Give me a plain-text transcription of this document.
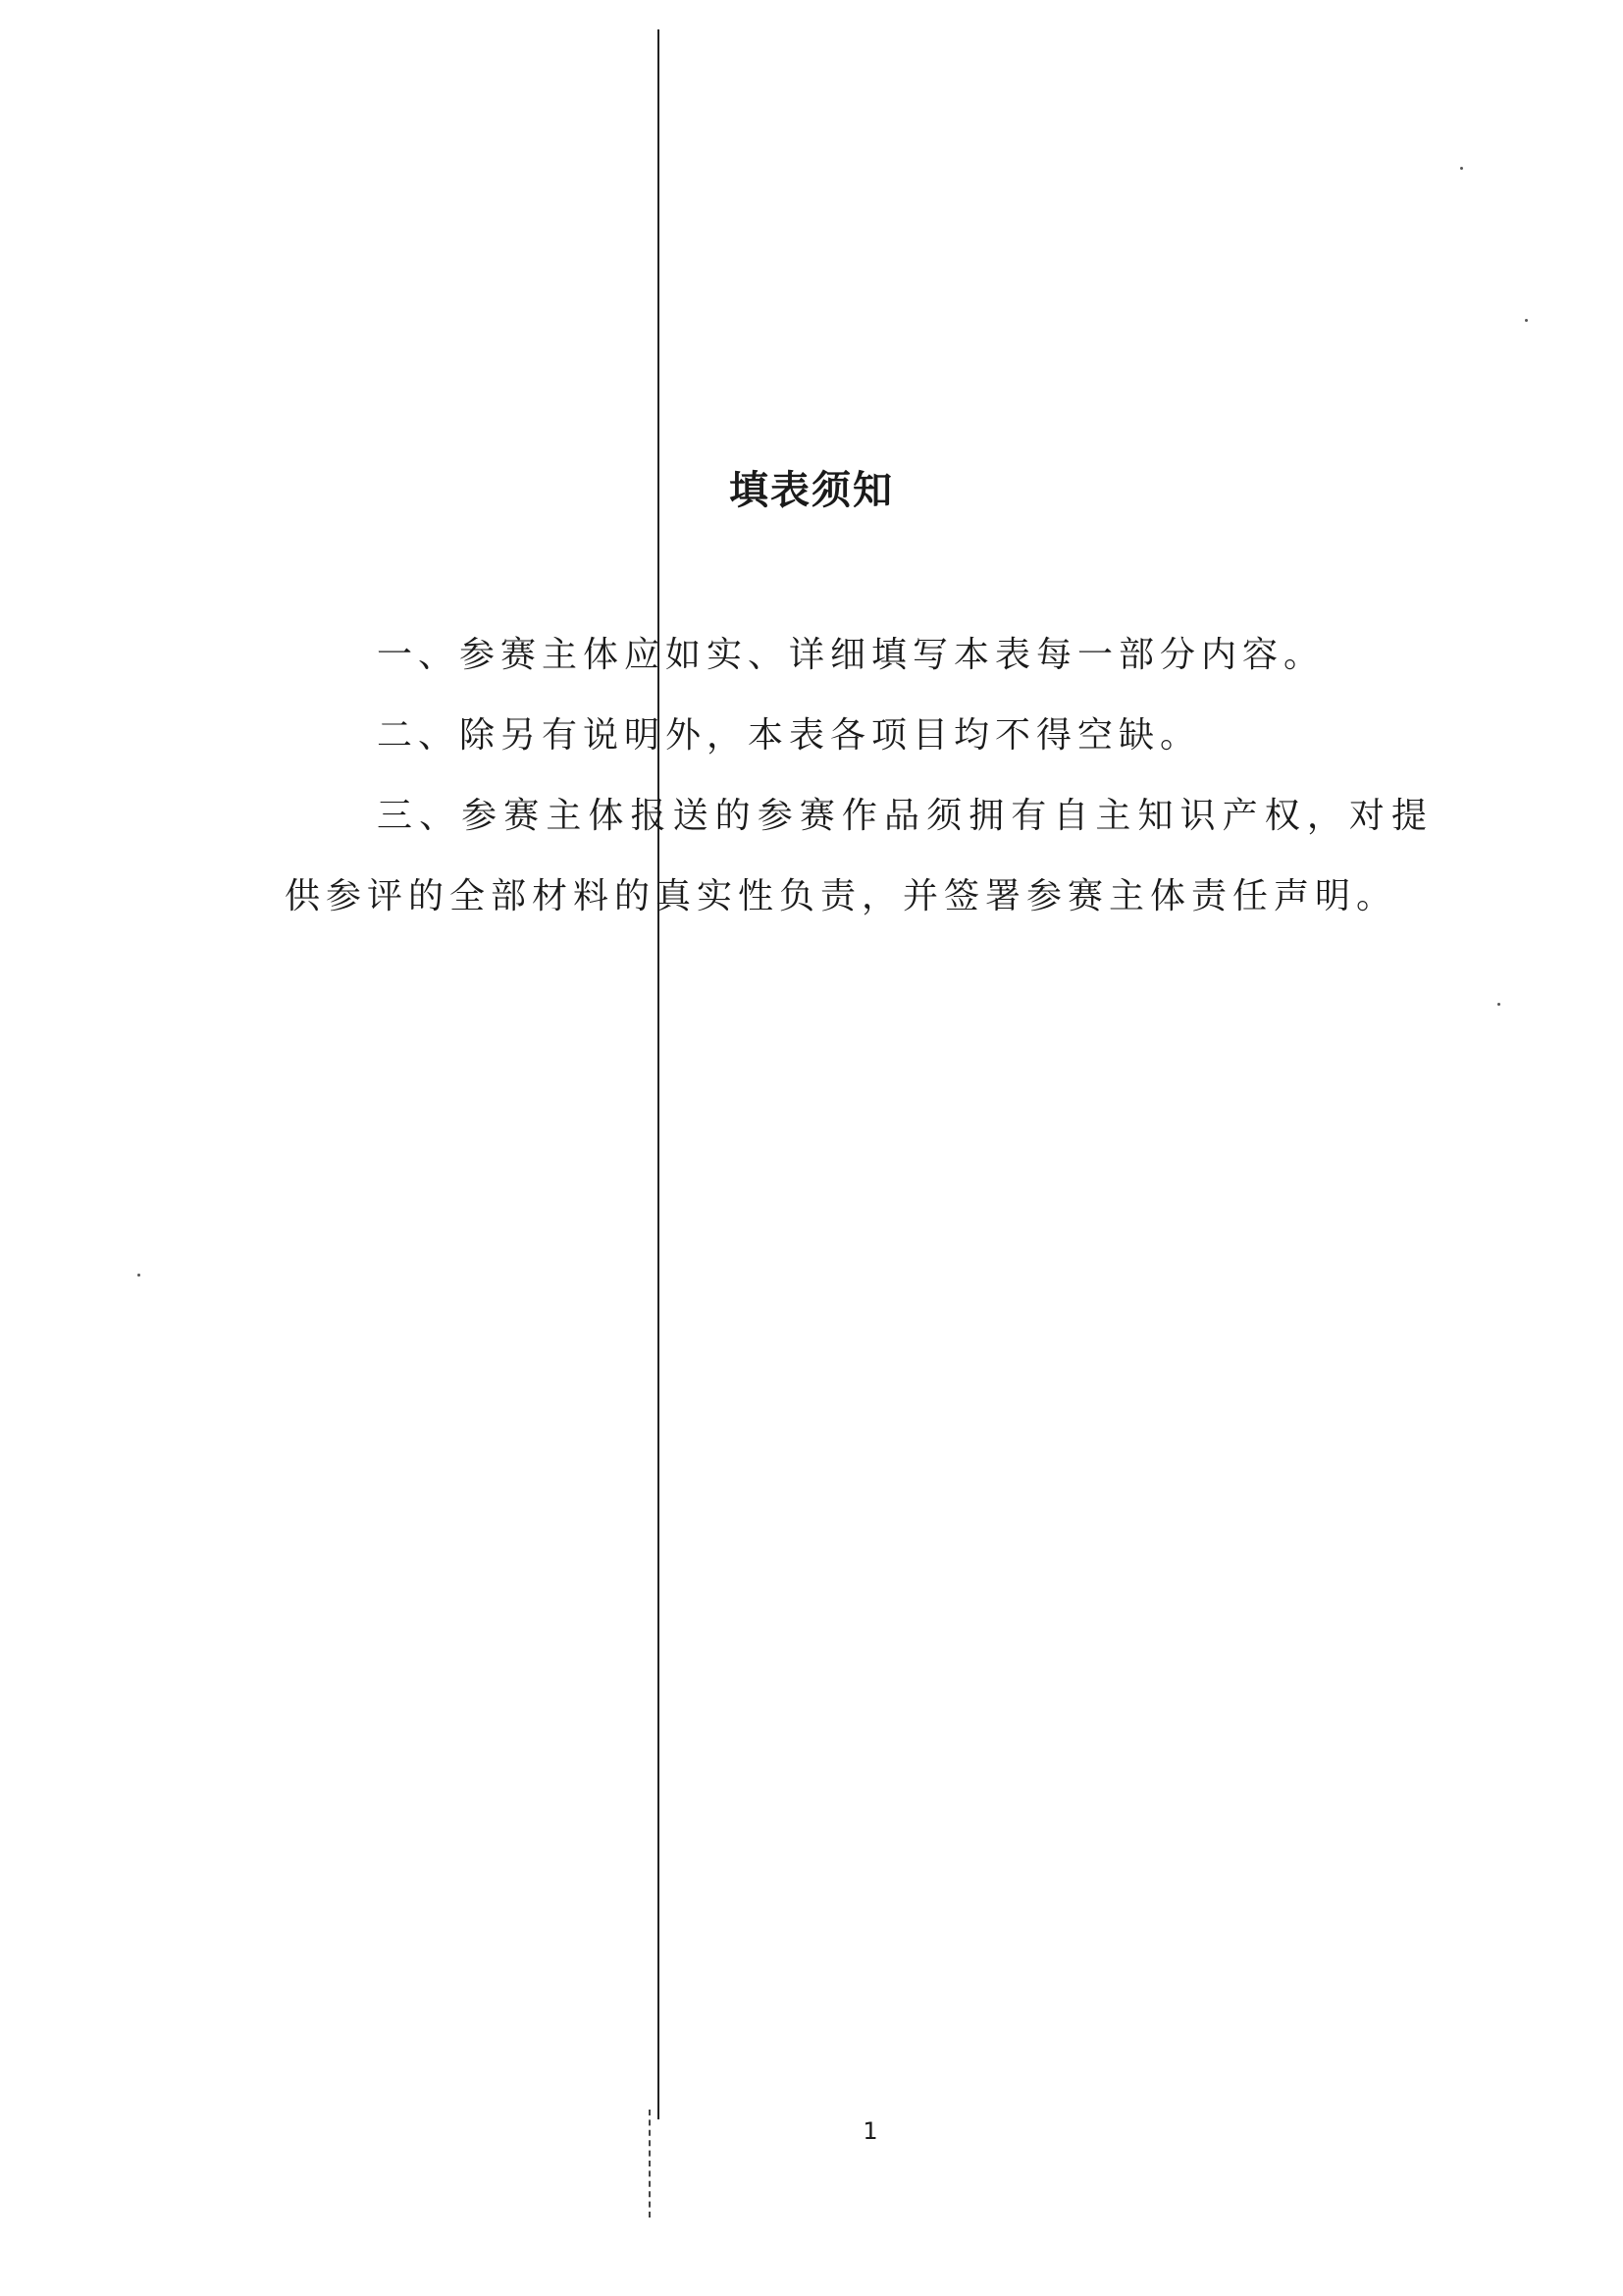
填表须知

一、参赛主体应如实、详细填写本表每一部分内容。

二、除另有说明外，本表各项目均不得空缺。

三、参赛主体报送的参赛作品须拥有自主知识产权，对提供参评的全部材料的真实性负责，并签署参赛主体责任声明。

1
